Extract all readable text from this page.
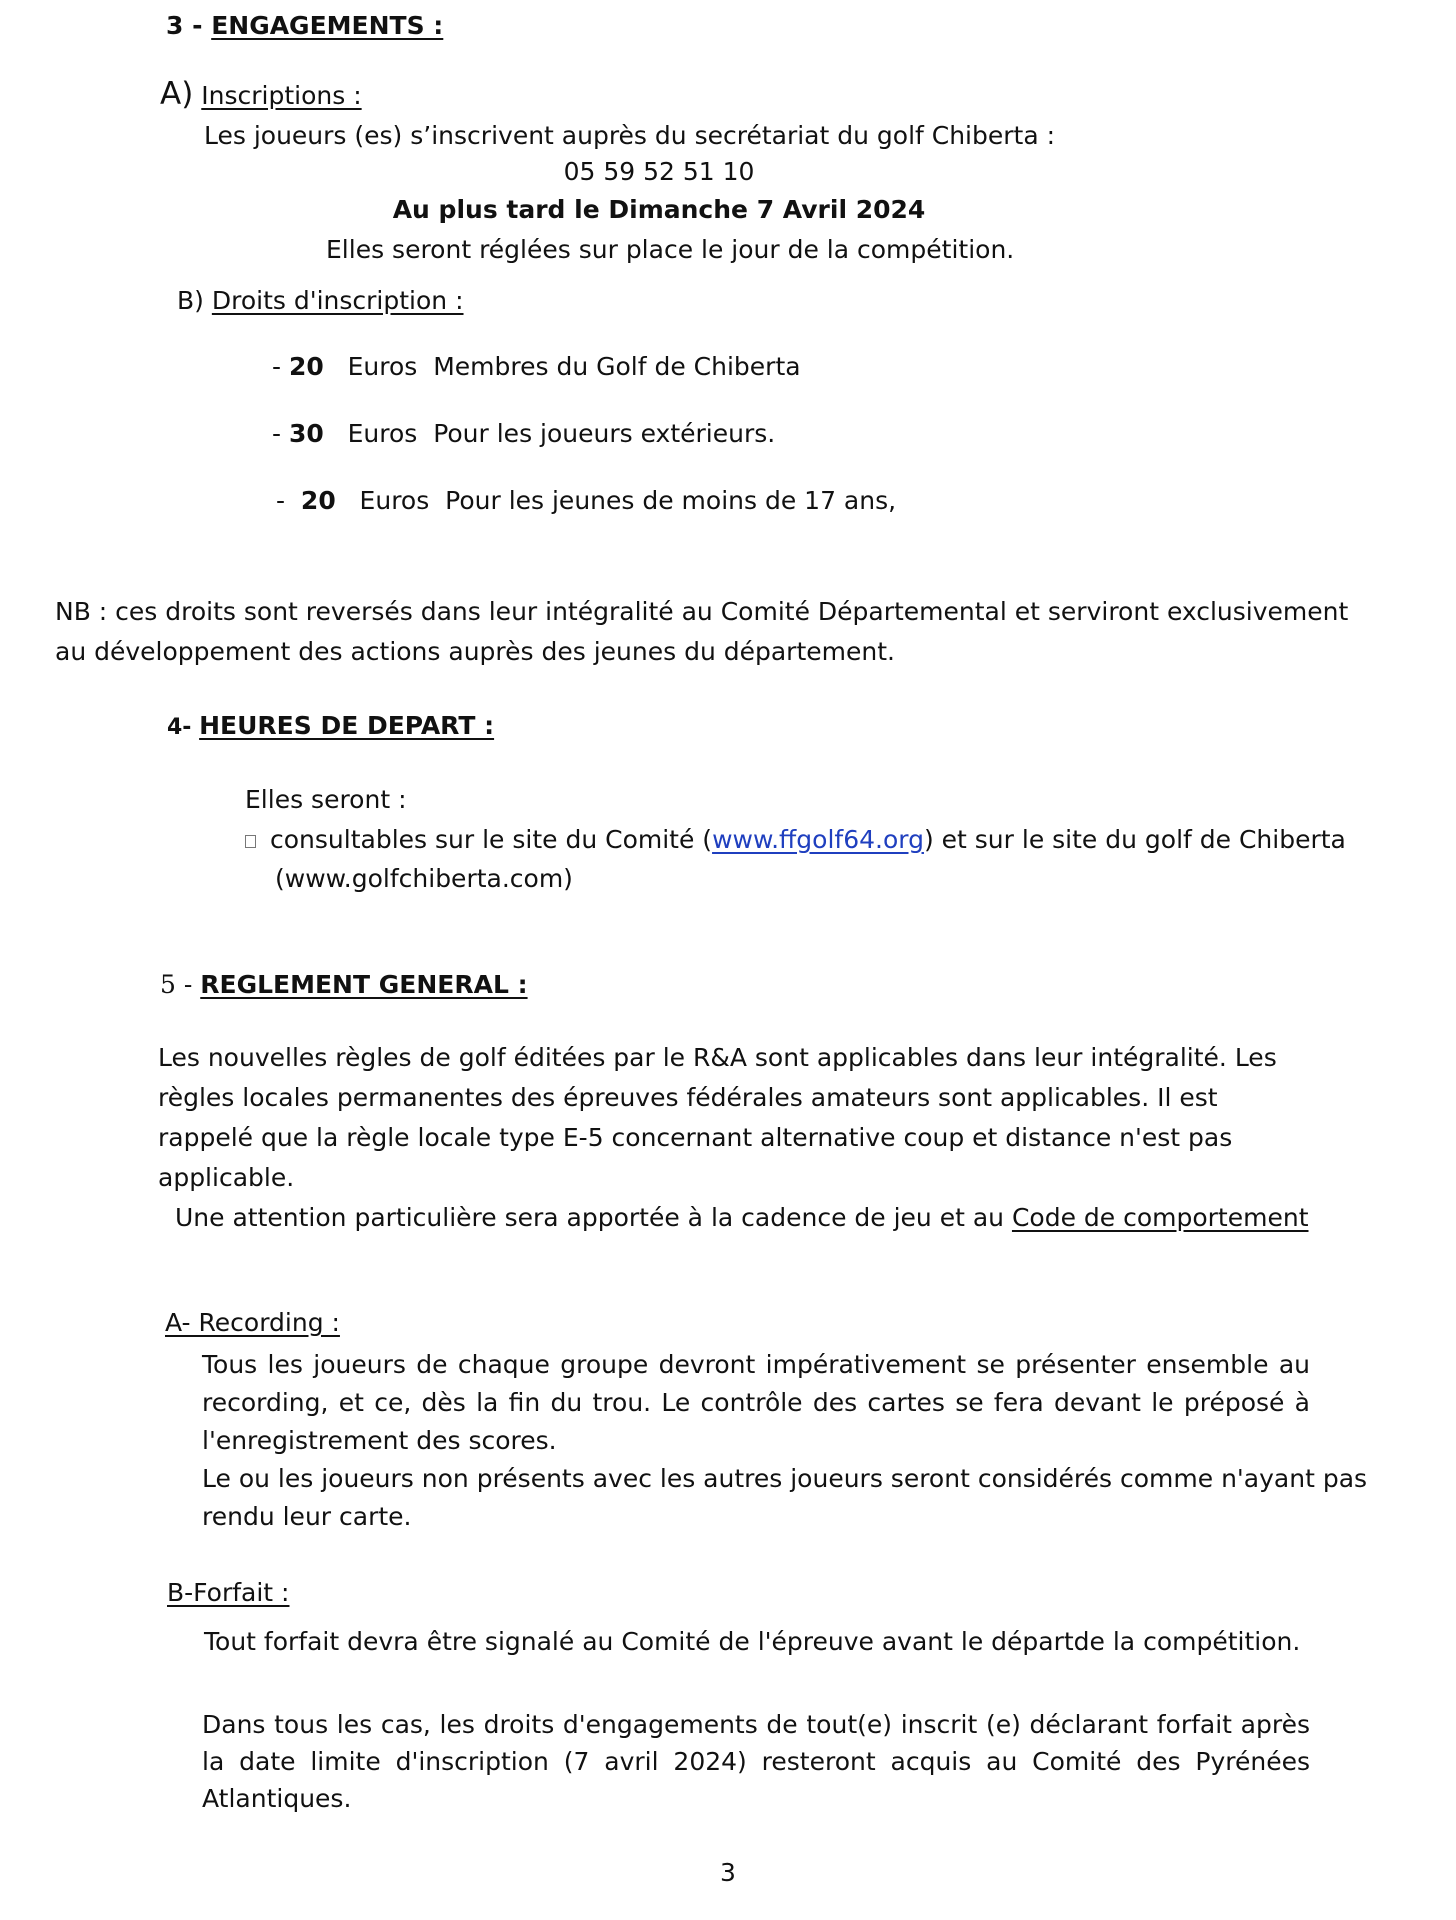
3 - ENGAGEMENTS :
A) Inscriptions :
Les joueurs (es) s’inscrivent auprès du secrétariat du golf Chiberta :
05 59 52 51 10
Au plus tard le Dimanche 7 Avril 2024
Elles seront réglées sur place le jour de la compétition.
B) Droits d'inscription :
- 20   Euros  Membres du Golf de Chiberta
- 30   Euros  Pour les joueurs extérieurs.
-  20   Euros  Pour les jeunes de moins de 17 ans,
NB : ces droits sont reversés dans leur intégralité au Comité Départemental et serviront exclusivement
au développement des actions auprès des jeunes du département.
4- HEURES DE DEPART :
Elles seront :
consultables sur le site du Comité (www.ffgolf64.org) et sur le site du golf de Chiberta
(www.golfchiberta.com)
5 - REGLEMENT GENERAL :
Les nouvelles règles de golf éditées par le R&A sont applicables dans leur intégralité. Les
règles locales permanentes des épreuves fédérales amateurs sont applicables. Il est
rappelé que la règle locale type E-5 concernant alternative coup et distance n'est pas
applicable.
Une attention particulière sera apportée à la cadence de jeu et au Code de comportement
A- Recording :
Tous les joueurs de chaque groupe devront impérativement se présenter ensemble au
recording, et ce, dès la fin du trou. Le contrôle des cartes se fera devant le préposé à
l'enregistrement des scores.
Le ou les joueurs non présents avec les autres joueurs seront considérés comme n'ayant pas
rendu leur carte.
B-Forfait :
Tout forfait devra être signalé au Comité de l'épreuve avant le départde la compétition.
Dans tous les cas, les droits d'engagements de tout(e) inscrit (e) déclarant forfait après
la date limite d'inscription (7 avril 2024) resteront acquis au Comité des Pyrénées
Atlantiques.
3
